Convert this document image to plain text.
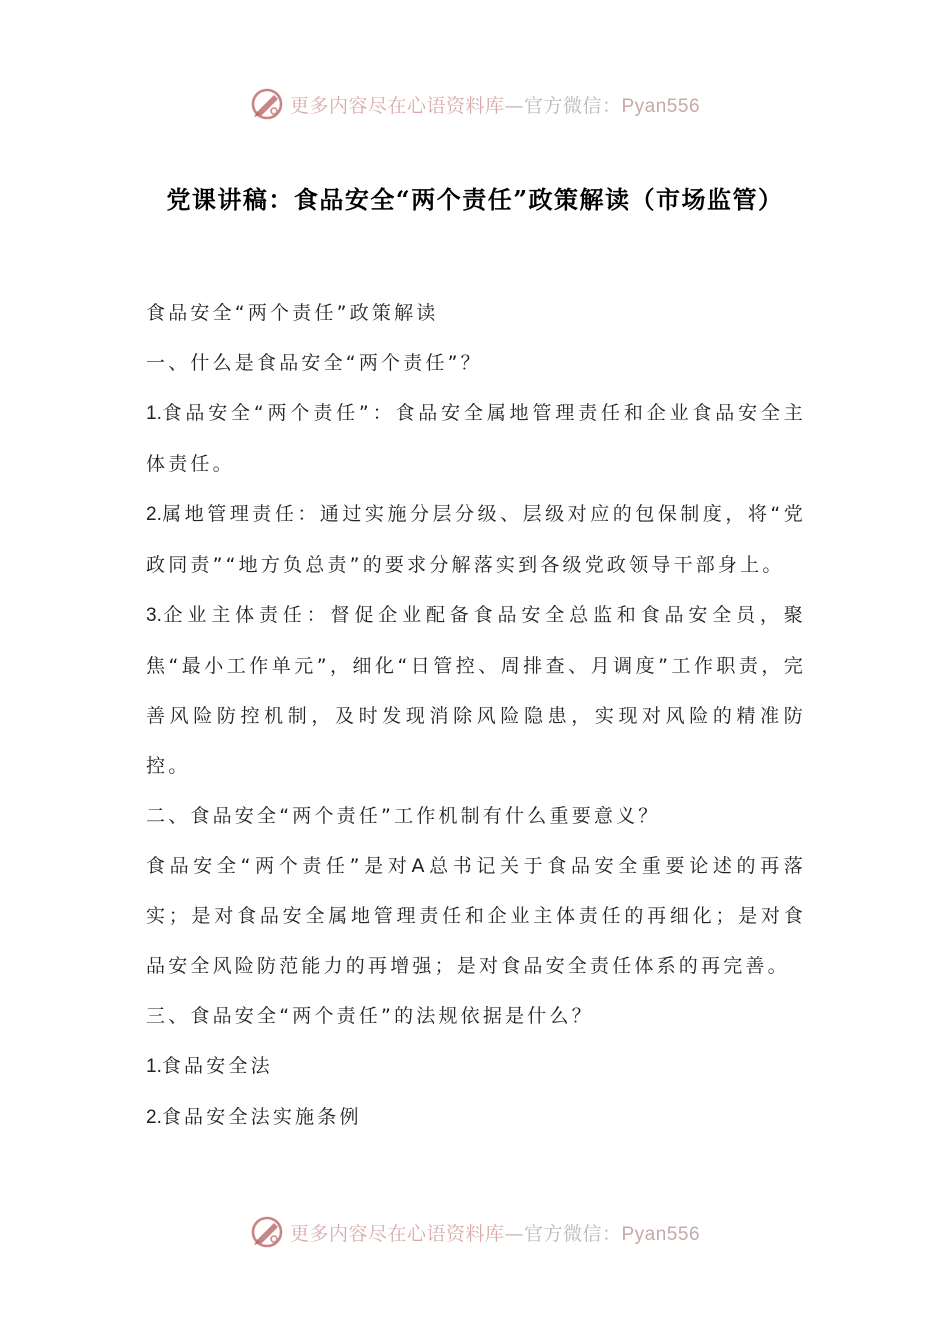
更多内容尽在心语资料库—官方微信：Pyan556
党课讲稿：食品安全“两个责任”政策解读（市场监管）

食品安全“两个责任”政策解读

一、什么是食品安全“两个责任”？

1.食品安全“两个责任”：食品安全属地管理责任和企业食品安全主体责任。

2.属地管理责任：通过实施分层分级、层级对应的包保制度，将“党政同责”“地方负总责”的要求分解落实到各级党政领导干部身上。

3.企业主体责任：督促企业配备食品安全总监和食品安全员，聚焦“最小工作单元”，细化“日管控、周排查、月调度”工作职责，完善风险防控机制，及时发现消除风险隐患，实现对风险的精准防控。

二、食品安全“两个责任”工作机制有什么重要意义？

食品安全“两个责任”是对A总书记关于食品安全重要论述的再落实；是对食品安全属地管理责任和企业主体责任的再细化；是对食品安全风险防范能力的再增强；是对食品安全责任体系的再完善。

三、食品安全“两个责任”的法规依据是什么？

1.食品安全法

2.食品安全法实施条例

更多内容尽在心语资料库—官方微信：Pyan556
